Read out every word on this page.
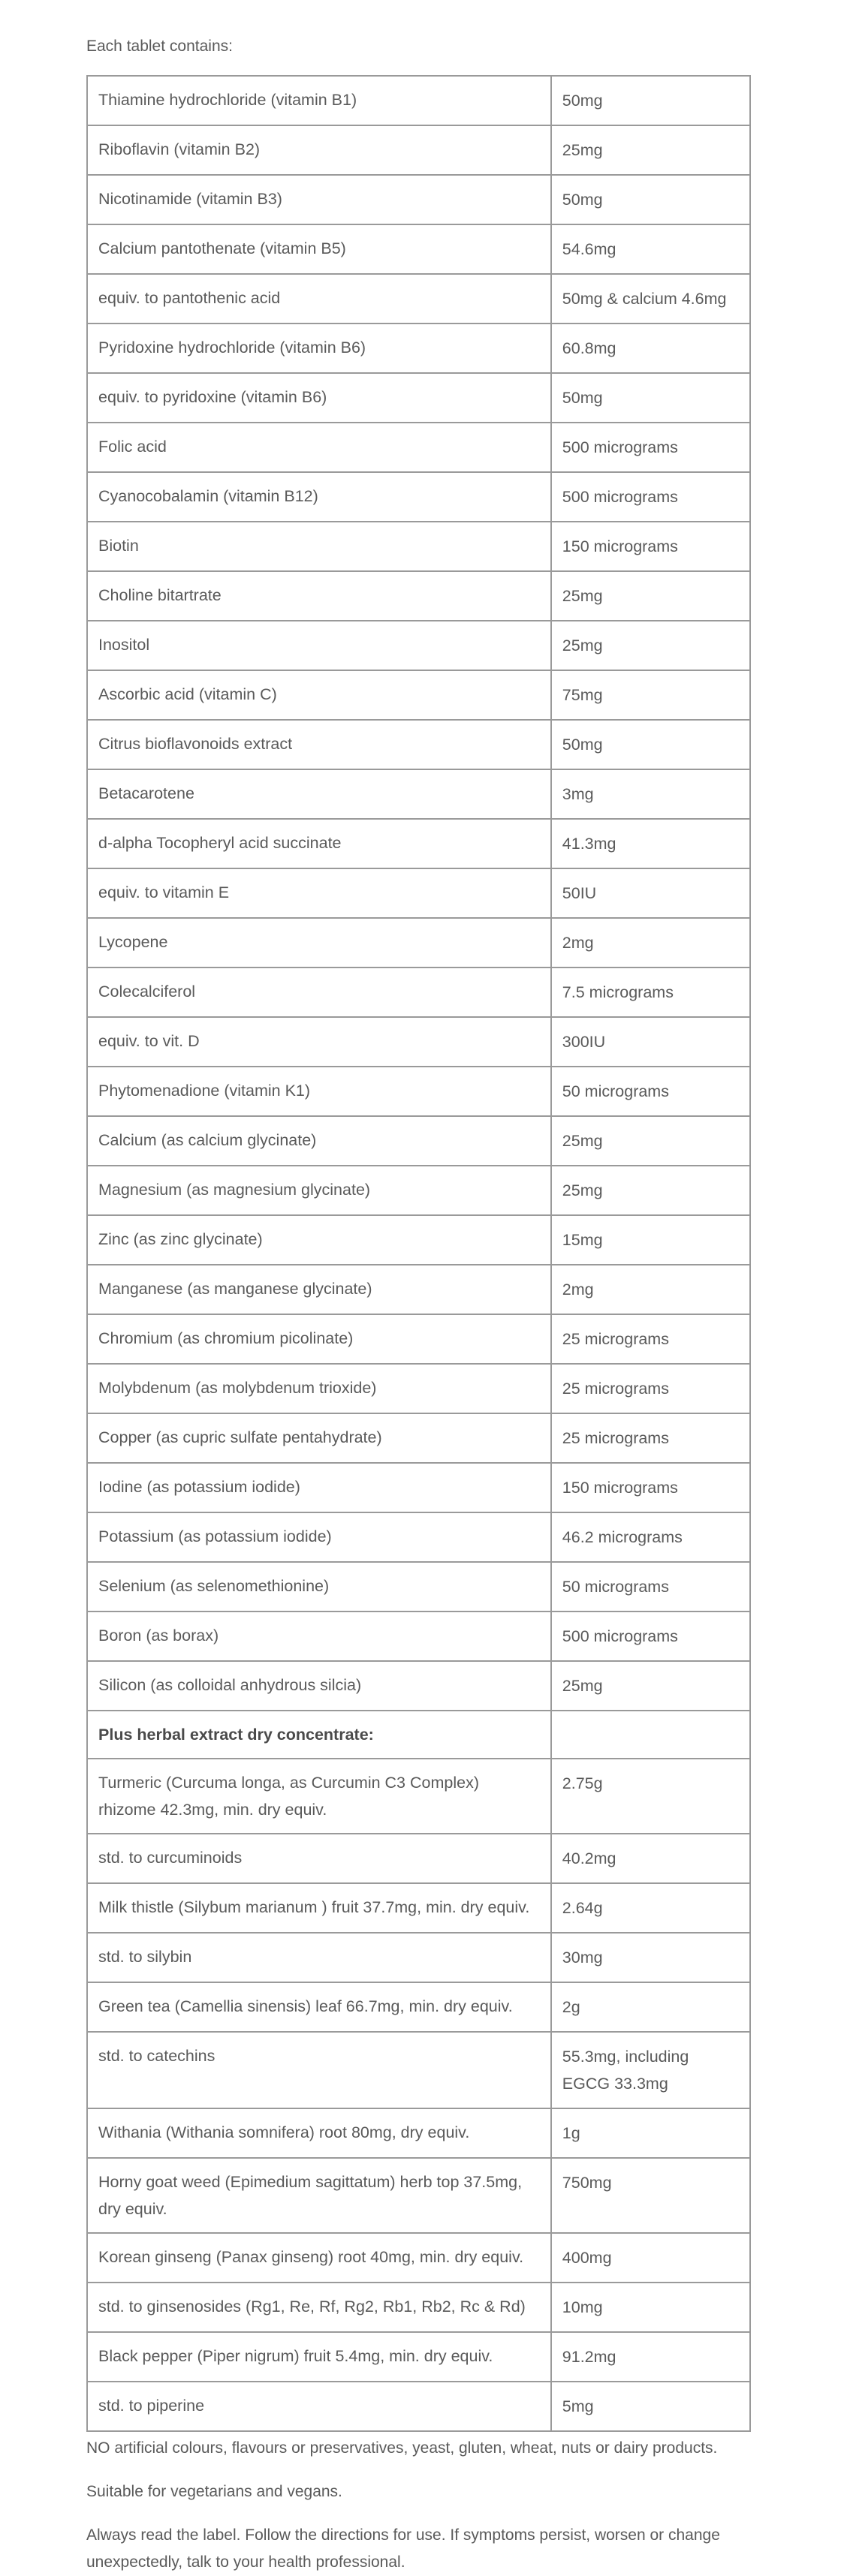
Each tablet contains:

Thiamine hydrochloride (vitamin B1)	50mg
Riboflavin (vitamin B2)	25mg
Nicotinamide (vitamin B3)	50mg
Calcium pantothenate (vitamin B5)	54.6mg
equiv. to pantothenic acid	50mg & calcium 4.6mg
Pyridoxine hydrochloride (vitamin B6)	60.8mg
equiv. to pyridoxine (vitamin B6)	50mg
Folic acid	500 micrograms
Cyanocobalamin (vitamin B12)	500 micrograms
Biotin	150 micrograms
Choline bitartrate	25mg
Inositol	25mg
Ascorbic acid (vitamin C)	75mg
Citrus bioflavonoids extract	50mg
Betacarotene	3mg
d-alpha Tocopheryl acid succinate	41.3mg
equiv. to vitamin E	50IU
Lycopene	2mg
Colecalciferol	7.5 micrograms
equiv. to vit. D	300IU
Phytomenadione (vitamin K1)	50 micrograms
Calcium (as calcium glycinate)	25mg
Magnesium (as magnesium glycinate)	25mg
Zinc (as zinc glycinate)	15mg
Manganese (as manganese glycinate)	2mg
Chromium (as chromium picolinate)	25 micrograms
Molybdenum (as molybdenum trioxide)	25 micrograms
Copper (as cupric sulfate pentahydrate)	25 micrograms
Iodine (as potassium iodide)	150 micrograms
Potassium (as potassium iodide)	46.2 micrograms
Selenium (as selenomethionine)	50 micrograms
Boron (as borax)	500 micrograms
Silicon (as colloidal anhydrous silcia)	25mg
Plus herbal extract dry concentrate:	
Turmeric (Curcuma longa, as Curcumin C3 Complex) rhizome 42.3mg, min. dry equiv.	2.75g
std. to curcuminoids	40.2mg
Milk thistle (Silybum marianum ) fruit 37.7mg, min. dry equiv.	2.64g
std. to silybin	30mg
Green tea (Camellia sinensis) leaf 66.7mg, min. dry equiv.	2g
std. to catechins	55.3mg, including EGCG 33.3mg
Withania (Withania somnifera) root 80mg, dry equiv.	1g
Horny goat weed (Epimedium sagittatum) herb top 37.5mg, dry equiv.	750mg
Korean ginseng (Panax ginseng) root 40mg, min. dry equiv.	400mg
std. to ginsenosides (Rg1, Re, Rf, Rg2, Rb1, Rb2, Rc & Rd)	10mg
Black pepper (Piper nigrum) fruit 5.4mg, min. dry equiv.	91.2mg
std. to piperine	5mg

NO artificial colours, flavours or preservatives, yeast, gluten, wheat, nuts or dairy products.

Suitable for vegetarians and vegans.

Always read the label. Follow the directions for use. If symptoms persist, worsen or change unexpectedly, talk to your health professional.
